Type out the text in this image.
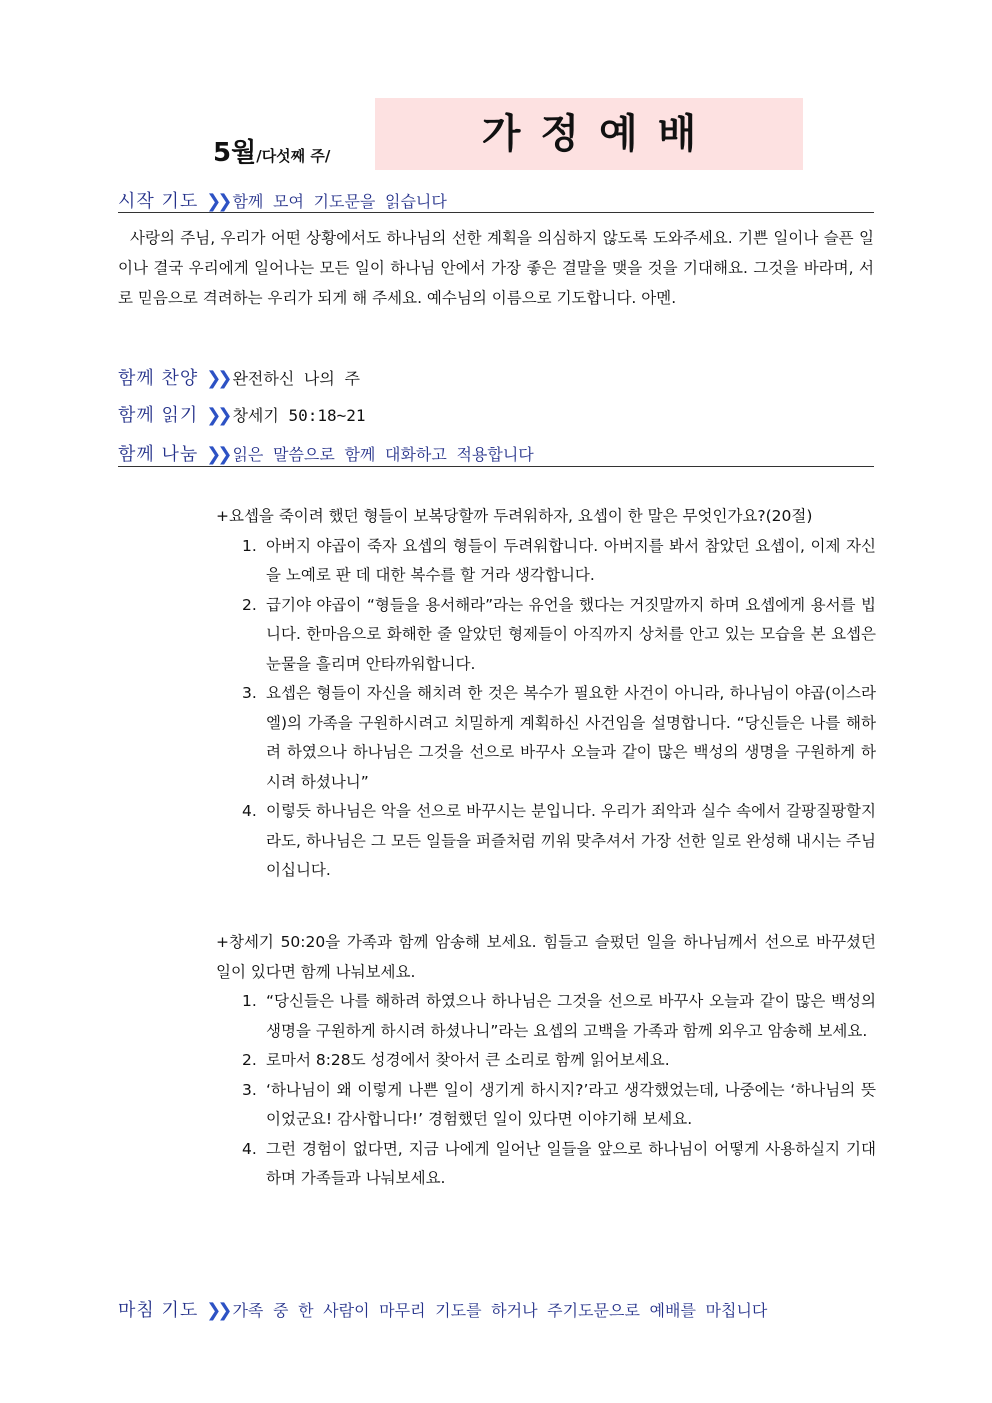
5월/다섯째 주/	가정예배
시작 기도 ❯❯ 함께 모여 기도문을 읽습니다
사랑의 주님, 우리가 어떤 상황에서도 하나님의 선한 계획을 의심하지 않도록 도와주세요. 기쁜 일이나 슬픈 일이나 결국 우리에게 일어나는 모든 일이 하나님 안에서 가장 좋은 결말을 맺을 것을 기대해요. 그것을 바라며, 서로 믿음으로 격려하는 우리가 되게 해 주세요. 예수님의 이름으로 기도합니다. 아멘.
함께 찬양 ❯❯ 완전하신 나의 주
함께 읽기 ❯❯ 창세기 50:18~21
함께 나눔 ❯❯ 읽은 말씀으로 함께 대화하고 적용합니다
+요셉을 죽이려 했던 형들이 보복당할까 두려워하자, 요셉이 한 말은 무엇인가요?(20절)
1. 아버지 야곱이 죽자 요셉의 형들이 두려워합니다. 아버지를 봐서 참았던 요셉이, 이제 자신을 노예로 판 데 대한 복수를 할 거라 생각합니다.
2. 급기야 야곱이 “형들을 용서해라”라는 유언을 했다는 거짓말까지 하며 요셉에게 용서를 빕니다. 한마음으로 화해한 줄 알았던 형제들이 아직까지 상처를 안고 있는 모습을 본 요셉은 눈물을 흘리며 안타까워합니다.
3. 요셉은 형들이 자신을 해치려 한 것은 복수가 필요한 사건이 아니라, 하나님이 야곱(이스라엘)의 가족을 구원하시려고 치밀하게 계획하신 사건임을 설명합니다. “당신들은 나를 해하려 하였으나 하나님은 그것을 선으로 바꾸사 오늘과 같이 많은 백성의 생명을 구원하게 하시려 하셨나니”
4. 이렇듯 하나님은 악을 선으로 바꾸시는 분입니다. 우리가 죄악과 실수 속에서 갈팡질팡할지라도, 하나님은 그 모든 일들을 퍼즐처럼 끼워 맞추셔서 가장 선한 일로 완성해 내시는 주님이십니다.
+창세기 50:20을 가족과 함께 암송해 보세요. 힘들고 슬펐던 일을 하나님께서 선으로 바꾸셨던 일이 있다면 함께 나눠보세요.
1. “당신들은 나를 해하려 하였으나 하나님은 그것을 선으로 바꾸사 오늘과 같이 많은 백성의 생명을 구원하게 하시려 하셨나니”라는 요셉의 고백을 가족과 함께 외우고 암송해 보세요.
2. 로마서 8:28도 성경에서 찾아서 큰 소리로 함께 읽어보세요.
3. ‘하나님이 왜 이렇게 나쁜 일이 생기게 하시지?’라고 생각했었는데, 나중에는 ‘하나님의 뜻이었군요! 감사합니다!’ 경험했던 일이 있다면 이야기해 보세요.
4. 그런 경험이 없다면, 지금 나에게 일어난 일들을 앞으로 하나님이 어떻게 사용하실지 기대하며 가족들과 나눠보세요.
마침 기도 ❯❯ 가족 중 한 사람이 마무리 기도를 하거나 주기도문으로 예배를 마칩니다
